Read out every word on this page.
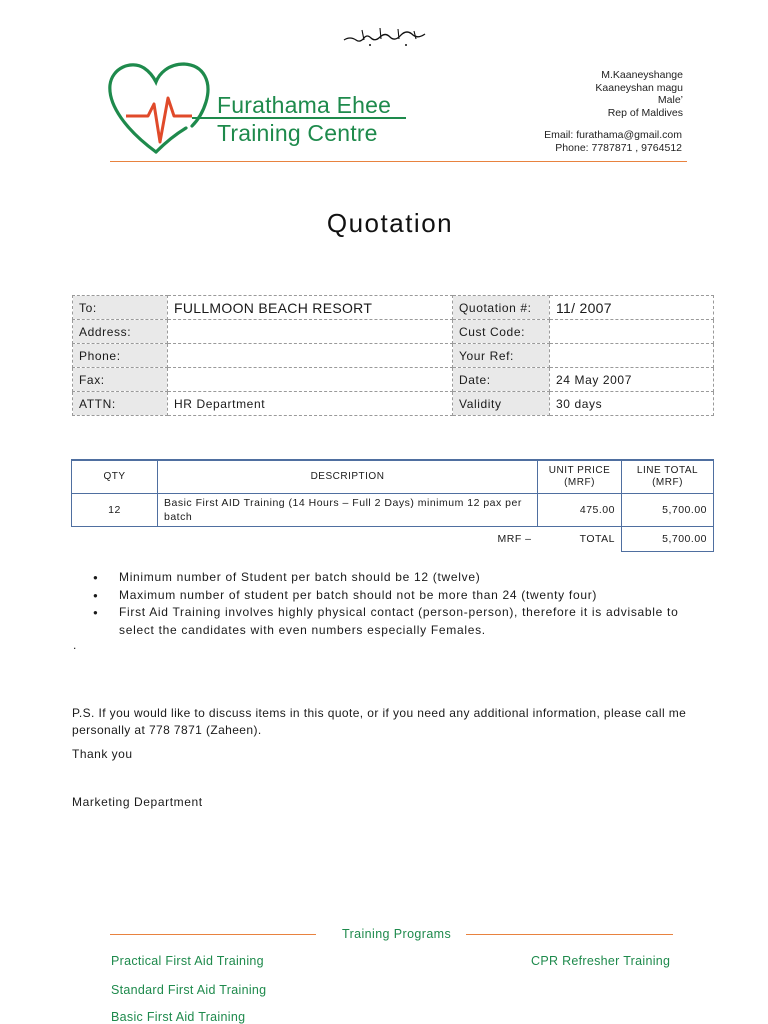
Furathama Ehee
Training Centre
M.Kaaneyshange
Kaaneyshan magu
Male’
Rep of Maldives
Email: furathama@gmail.com
Phone: 7787871 , 9764512
Quotation
To:	FULLMOON BEACH RESORT	Quotation #:	11/ 2007
Address:		Cust Code:	
Phone:		Your Ref:	
Fax:		Date:	24 May 2007
ATTN:	HR Department	Validity	30 days
QTY	DESCRIPTION	UNIT PRICE (MRF)	LINE TOTAL (MRF)
12	Basic First AID Training (14 Hours – Full 2 Days) minimum 12 pax per batch	475.00	5,700.00
	MRF –	TOTAL	5,700.00
● Minimum number of Student per batch should be 12 (twelve)
● Maximum number of student per batch should not be more than 24 (twenty four)
● First Aid Training involves highly physical contact (person-person), therefore it is advisable to select the candidates with even numbers especially Females.
.
P.S. If you would like to discuss items in this quote, or if you need any additional information, please call me personally at 778 7871 (Zaheen).
Thank you
Marketing Department
Training Programs
Practical First Aid Training
Standard First Aid Training
Basic First Aid Training
CPR Refresher Training
